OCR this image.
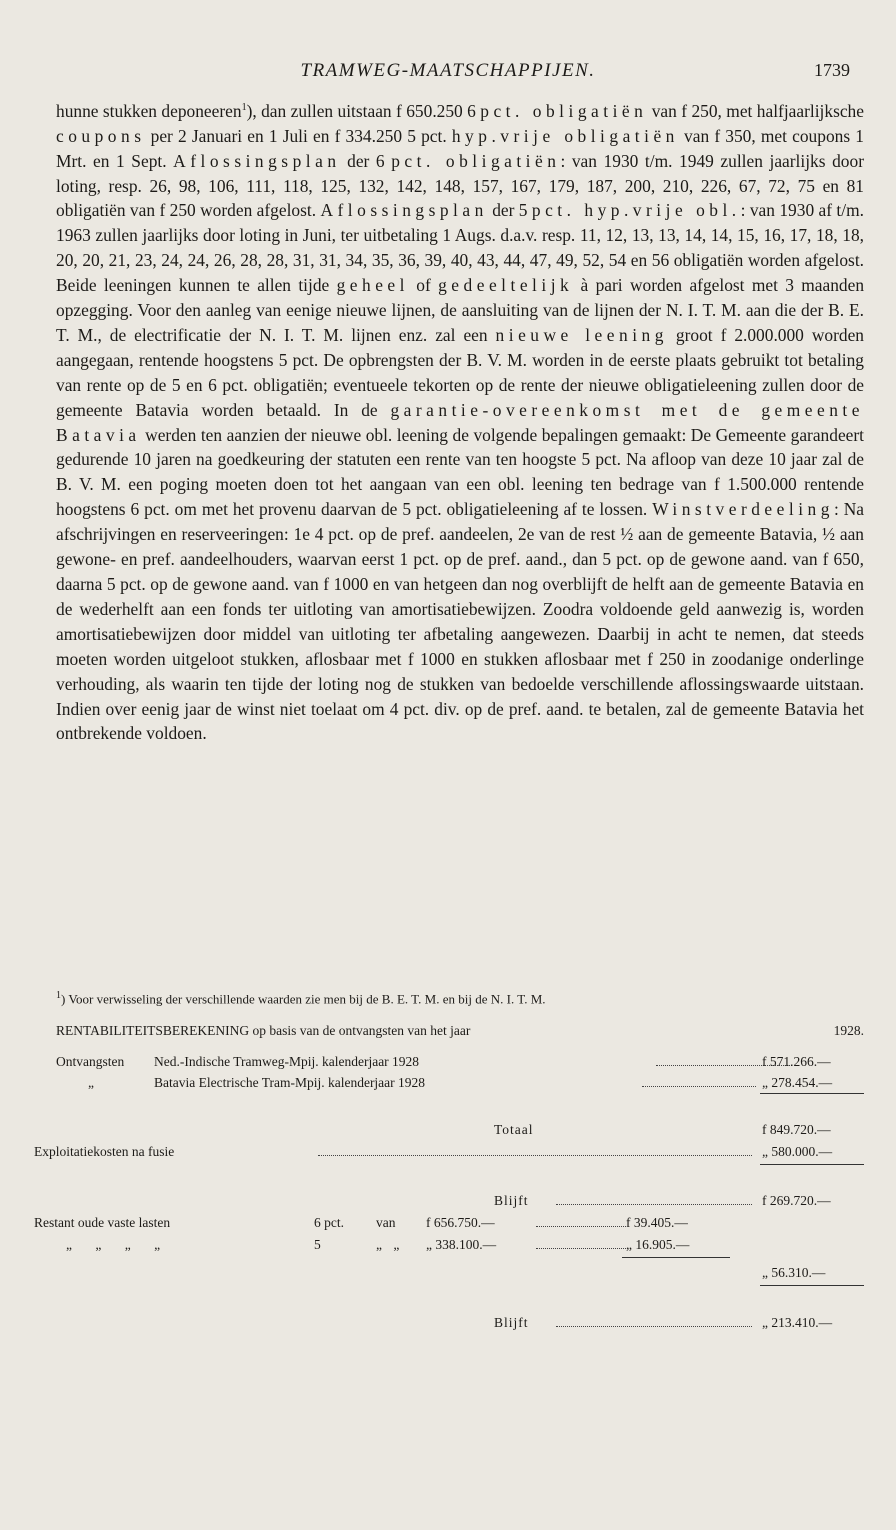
TRAMWEG-MAATSCHAPPIJEN.	1739
hunne stukken deponeeren$^1$), dan zullen uitstaan f 650.250 6 pct. obligatiën van f 250, met halfjaarlijksche coupons per 2 Januari en 1 Juli en f 334.250 5 pct. hyp.vrije obligatiën van f 350, met coupons 1 Mrt. en 1 Sept. Aflossingsplan der 6 pct. obligatiën: van 1930 t/m. 1949 zullen jaarlijks door loting, resp. 26, 98, 106, 111, 118, 125, 132, 142, 148, 157, 167, 179, 187, 200, 210, 226, 67, 72, 75 en 81 obligatiën van f 250 worden afgelost. Aflossingsplan der 5 pct. hyp.vrije obl.: van 1930 af t/m. 1963 zullen jaarlijks door loting in Juni, ter uitbetaling 1 Augs. d.a.v. resp. 11, 12, 13, 13, 14, 14, 15, 16, 17, 18, 18, 20, 20, 21, 23, 24, 24, 26, 28, 28, 31, 31, 34, 35, 36, 39, 40, 43, 44, 47, 49, 52, 54 en 56 obligatiën worden afgelost. Beide leeningen kunnen te allen tijde geheel of gedeeltelijk à pari worden afgelost met 3 maanden opzegging. Voor den aanleg van eenige nieuwe lijnen, de aansluiting van de lijnen der N. I. T. M. aan die der B. E. T. M., de electrificatie der N. I. T. M. lijnen enz. zal een nieuwe leening groot f 2.000.000 worden aangegaan, rentende hoogstens 5 pct. De opbrengsten der B. V. M. worden in de eerste plaats gebruikt tot betaling van rente op de 5 en 6 pct. obligatiën; eventueele tekorten op de rente der nieuwe obligatieleening zullen door de gemeente Batavia worden betaald. In de garantie-overeenkomst met de gemeente Batavia werden ten aanzien der nieuwe obl. leening de volgende bepalingen gemaakt: De Gemeente garandeert gedurende 10 jaren na goedkeuring der statuten een rente van ten hoogste 5 pct. Na afloop van deze 10 jaar zal de B. V. M. een poging moeten doen tot het aangaan van een obl. leening ten bedrage van f 1.500.000 rentende hoogstens 6 pct. om met het provenu daarvan de 5 pct. obligatieleening af te lossen. Winstverdeeling: Na afschrijvingen en reserveeringen: 1e 4 pct. op de pref. aandeelen, 2e van de rest ½ aan de gemeente Batavia, ½ aan gewone- en pref. aandeelhouders, waarvan eerst 1 pct. op de pref. aand., dan 5 pct. op de gewone aand. van f 650, daarna 5 pct. op de gewone aand. van f 1000 en van hetgeen dan nog overblijft de helft aan de gemeente Batavia en de wederhelft aan een fonds ter uitloting van amortisatiebewijzen. Zoodra voldoende geld aanwezig is, worden amortisatiebewijzen door middel van uitloting ter afbetaling aangewezen. Daarbij in acht te nemen, dat steeds moeten worden uitgeloot stukken, aflosbaar met f 1000 en stukken aflosbaar met f 250 in zoodanige onderlinge verhouding, als waarin ten tijde der loting nog de stukken van bedoelde verschillende aflossingswaarde uitstaan. Indien over eenig jaar de winst niet toelaat om 4 pct. div. op de pref. aand. te betalen, zal de gemeente Batavia het ontbrekende voldoen.
$^1$) Voor verwisseling der verschillende waarden zie men bij de B. E. T. M. en bij de N. I. T. M.
RENTABILITEITSBEREKENING op basis van de ontvangsten van het jaar	1928.
Ontvangsten Ned.-Indische Tramweg-Mpij. kalenderjaar 1928	f 571.266.—
„	Batavia Electrische Tram-Mpij. kalenderjaar 1928	„ 278.454.—
Totaal	f 849.720.—
Exploitatiekosten na fusie	„ 580.000.—
Blijft	f 269.720.—
Restant oude vaste lasten	6 pct. van f 656.750.—	f 39.405.—
„ „ „ „	5	„ „ „ 338.100.—	„ 16.905.—
„ 56.310.—
Blijft	„ 213.410.—
